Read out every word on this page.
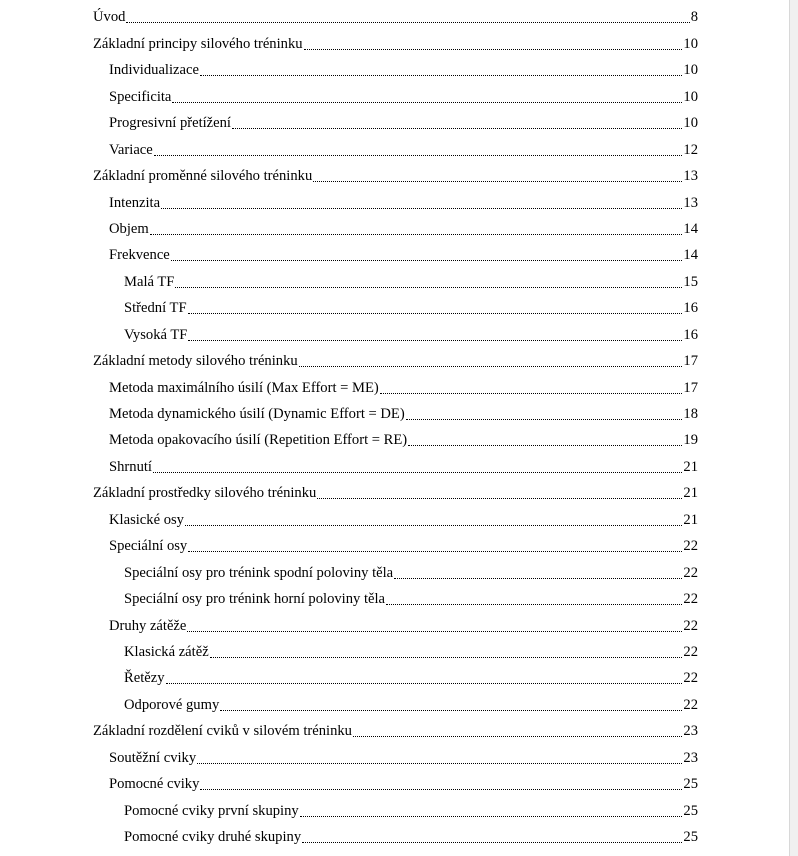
Úvod	8
Základní principy silového tréninku	10
Individualizace	10
Specificita	10
Progresivní přetížení	10
Variace	12
Základní proměnné silového tréninku	13
Intenzita	13
Objem	14
Frekvence	14
Malá TF	15
Střední TF	16
Vysoká TF	16
Základní metody silového tréninku	17
Metoda maximálního úsilí (Max Effort = ME)	17
Metoda dynamického úsilí (Dynamic Effort = DE)	18
Metoda opakovacího úsilí (Repetition Effort = RE)	19
Shrnutí	21
Základní prostředky silového tréninku	21
Klasické osy	21
Speciální osy	22
Speciální osy pro trénink spodní poloviny těla	22
Speciální osy pro trénink horní poloviny těla	22
Druhy zátěže	22
Klasická zátěž	22
Řetězy	22
Odporové gumy	22
Základní rozdělení cviků v silovém tréninku	23
Soutěžní cviky	23
Pomocné cviky	25
Pomocné cviky první skupiny	25
Pomocné cviky druhé skupiny	25
